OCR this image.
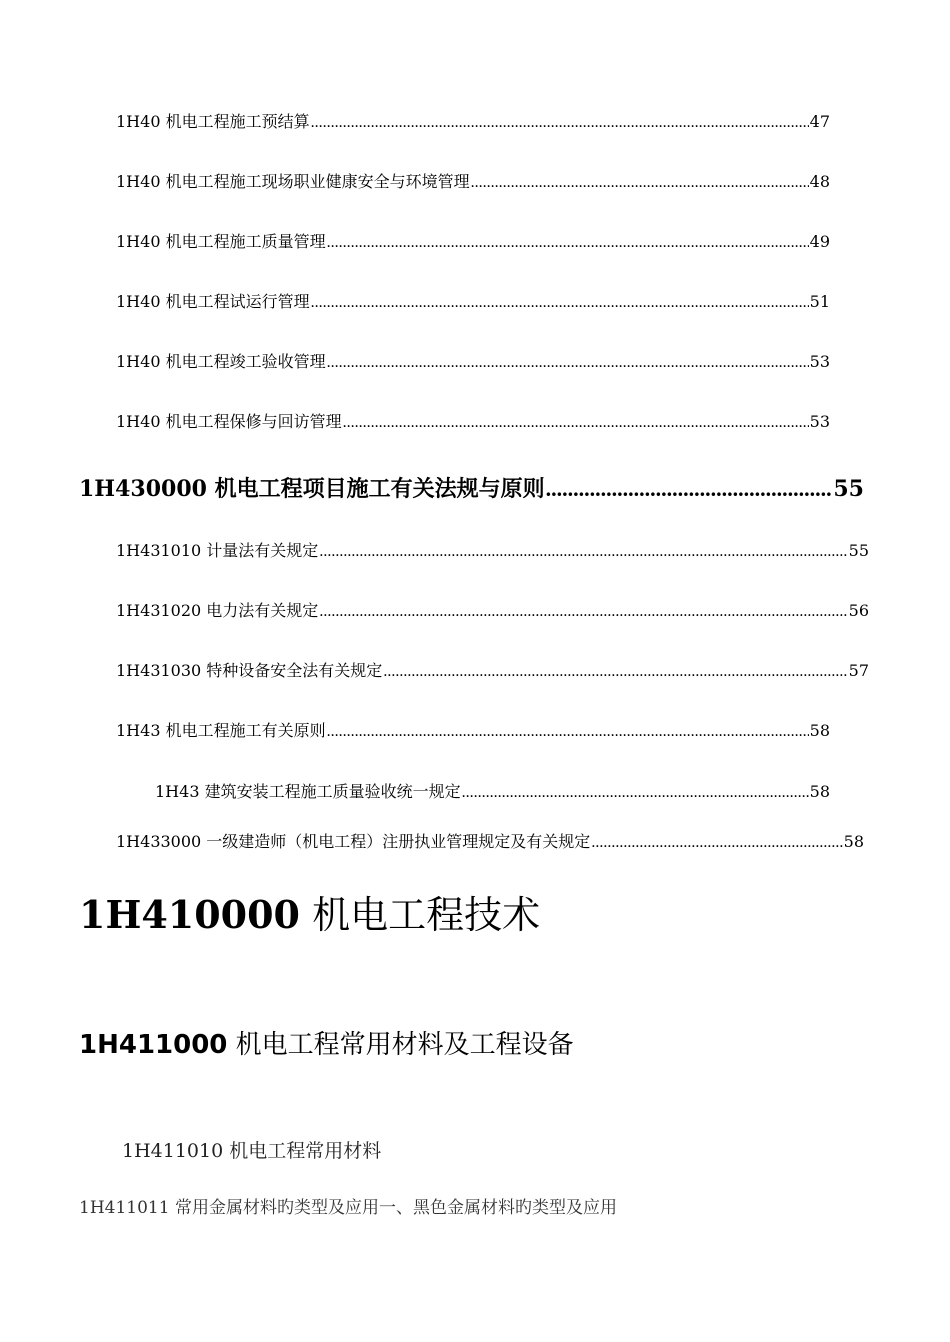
1H40 机电工程施工预结算 .....	47
1H40 机电工程施工现场职业健康安全与环境管理 .....	48
1H40 机电工程施工质量管理 .....	49
1H40 机电工程试运行管理 .....	51
1H40 机电工程竣工验收管理 .....	53
1H40 机电工程保修与回访管理 .....	53
1H430000 机电工程项目施工有关法规与原则 .....	55
1H431010 计量法有关规定 .....	55
1H431020 电力法有关规定 .....	56
1H431030 特种设备安全法有关规定 .....	57
1H43 机电工程施工有关原则 .....	58
1H43 建筑安装工程施工质量验收统一规定 .....	58
1H433000 一级建造师（机电工程）注册执业管理规定及有关规定 .....	58
1H410000 机电工程技术
1H411000 机电工程常用材料及工程设备
1H411010 机电工程常用材料
1H411011 常用金属材料旳类型及应用一、黑色金属材料旳类型及应用
